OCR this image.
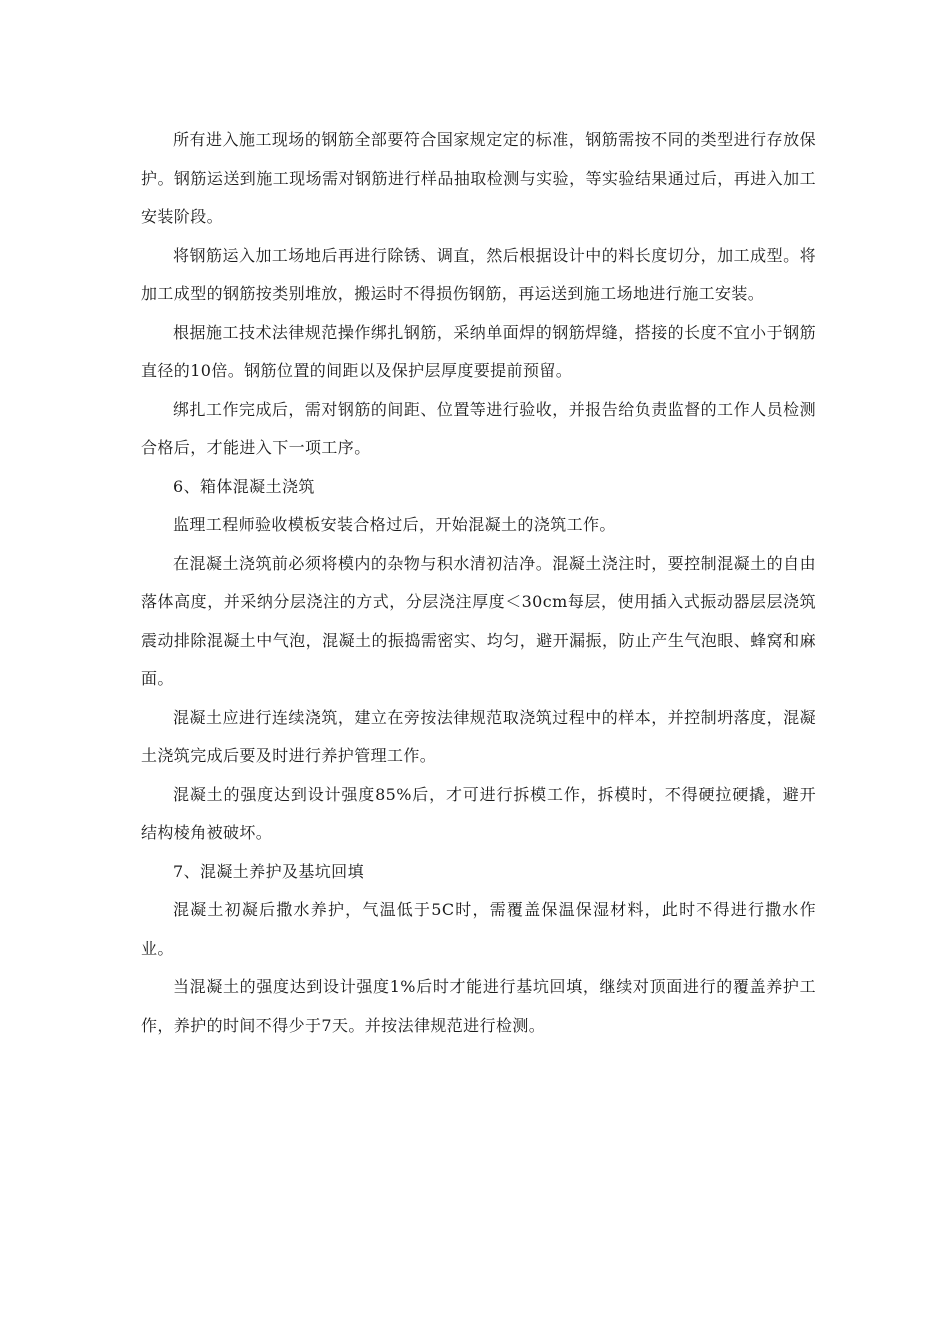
所有进入施工现场的钢筋全部要符合国家规定定的标准，钢筋需按不同的类型进行存放保护。钢筋运送到施工现场需对钢筋进行样品抽取检测与实验，等实验结果通过后，再进入加工安装阶段。

将钢筋运入加工场地后再进行除锈、调直，然后根据设计中的料长度切分，加工成型。将加工成型的钢筋按类别堆放，搬运时不得损伤钢筋，再运送到施工场地进行施工安装。

根据施工技术法律规范操作绑扎钢筋，采纳单面焊的钢筋焊缝，搭接的长度不宜小于钢筋直径的10倍。钢筋位置的间距以及保护层厚度要提前预留。

绑扎工作完成后，需对钢筋的间距、位置等进行验收，并报告给负责监督的工作人员检测合格后，才能进入下一项工序。

6、箱体混凝土浇筑

监理工程师验收模板安装合格过后，开始混凝土的浇筑工作。

在混凝土浇筑前必须将模内的杂物与积水清初洁净。混凝土浇注时，要控制混凝土的自由落体高度，并采纳分层浇注的方式，分层浇注厚度＜30cm每层，使用插入式振动器层层浇筑震动排除混凝土中气泡，混凝土的振捣需密实、均匀，避开漏振，防止产生气泡眼、蜂窝和麻面。

混凝土应进行连续浇筑，建立在旁按法律规范取浇筑过程中的样本，并控制坍落度，混凝土浇筑完成后要及时进行养护管理工作。

混凝土的强度达到设计强度85%后，才可进行拆模工作，拆模时，不得硬拉硬撬，避开结构棱角被破坏。

7、混凝土养护及基坑回填

混凝土初凝后撒水养护，气温低于5C时，需覆盖保温保湿材料，此时不得进行撒水作业。

当混凝土的强度达到设计强度1%后时才能进行基坑回填，继续对顶面进行的覆盖养护工作，养护的时间不得少于7天。并按法律规范进行检测。
